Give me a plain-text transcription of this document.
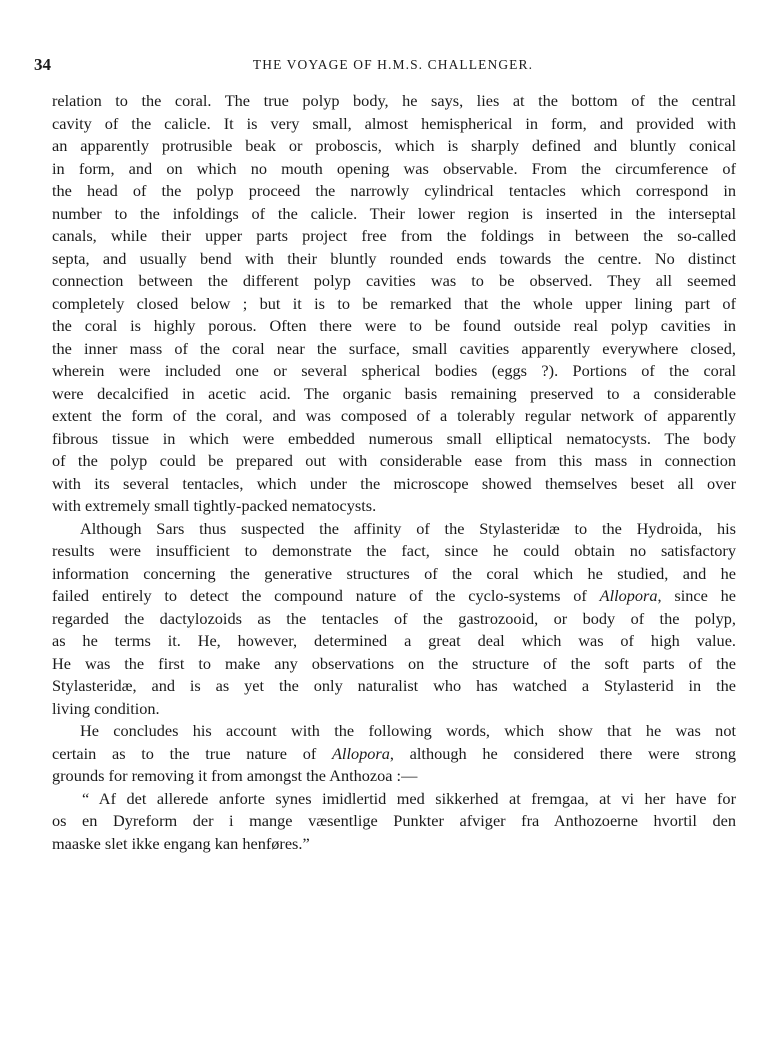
34	THE VOYAGE OF H.M.S. CHALLENGER.
relation to the coral. The true polyp body, he says, lies at the bottom of the central
cavity of the calicle. It is very small, almost hemispherical in form, and provided with
an apparently protrusible beak or proboscis, which is sharply defined and bluntly conical
in form, and on which no mouth opening was observable. From the circumference of
the head of the polyp proceed the narrowly cylindrical tentacles which correspond in
number to the infoldings of the calicle. Their lower region is inserted in the interseptal
canals, while their upper parts project free from the foldings in between the so-called
septa, and usually bend with their bluntly rounded ends towards the centre. No distinct
connection between the different polyp cavities was to be observed. They all seemed
completely closed below ; but it is to be remarked that the whole upper lining part of
the coral is highly porous. Often there were to be found outside real polyp cavities in
the inner mass of the coral near the surface, small cavities apparently everywhere closed,
wherein were included one or several spherical bodies (eggs ?). Portions of the coral
were decalcified in acetic acid. The organic basis remaining preserved to a considerable
extent the form of the coral, and was composed of a tolerably regular network of apparently
fibrous tissue in which were embedded numerous small elliptical nematocysts. The body
of the polyp could be prepared out with considerable ease from this mass in connection
with its several tentacles, which under the microscope showed themselves beset all over
with extremely small tightly-packed nematocysts.
Although Sars thus suspected the affinity of the Stylasteridæ to the Hydroida, his
results were insufficient to demonstrate the fact, since he could obtain no satisfactory
information concerning the generative structures of the coral which he studied, and he
failed entirely to detect the compound nature of the cyclo-systems of Allopora, since he
regarded the dactylozoids as the tentacles of the gastrozooid, or body of the polyp,
as he terms it. He, however, determined a great deal which was of high value.
He was the first to make any observations on the structure of the soft parts of the
Stylasteridæ, and is as yet the only naturalist who has watched a Stylasterid in the
living condition.
He concludes his account with the following words, which show that he was not
certain as to the true nature of Allopora, although he considered there were strong
grounds for removing it from amongst the Anthozoa :—
“ Af det allerede anforte synes imidlertid med sikkerhed at fremgaa, at vi her have for
os en Dyreform der i mange væsentlige Punkter afviger fra Anthozoerne hvortil den
maaske slet ikke engang kan henføres.”
